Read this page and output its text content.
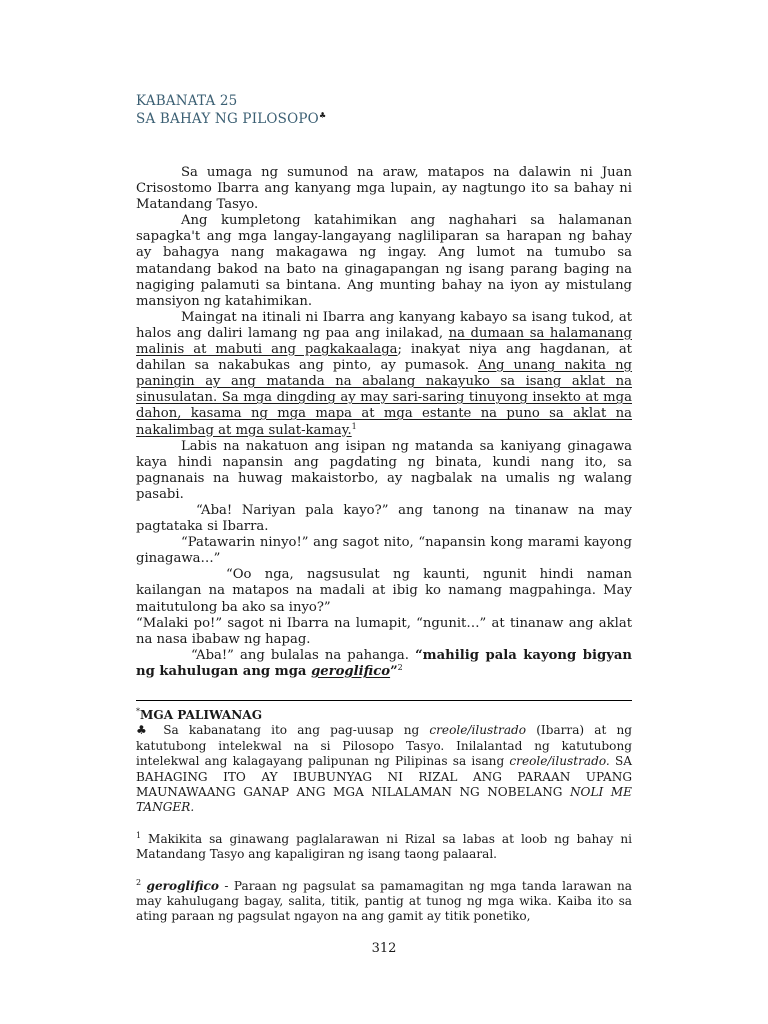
KABANATA 25
SA BAHAY NG PILOSOPO♣

Sa umaga ng sumunod na araw, matapos na dalawin ni Juan Crisostomo Ibarra ang kanyang mga lupain, ay nagtungo ito sa bahay ni Matandang Tasyo.

Ang kumpletong katahimikan ang naghahari sa halamanan sapagka't ang mga langay-langayang nagliliparan sa harapan ng bahay ay bahagya nang makagawa ng ingay. Ang lumot na tumubo sa matandang bakod na bato na ginagapangan ng isang parang baging na nagiging palamuti sa bintana. Ang munting bahay na iyon ay mistulang mansiyon ng katahimikan.

Maingat na itinali ni Ibarra ang kanyang kabayo sa isang tukod, at halos ang daliri lamang ng paa ang inilakad, na dumaan sa halamanang malinis at mabuti ang pagkakaalaga; inakyat niya ang hagdanan, at dahilan sa nakabukas ang pinto, ay pumasok. Ang unang nakita ng paningin ay ang matanda na abalang nakayuko sa isang aklat na sinusulatan. Sa mga dingding ay may sari-saring tinuyong insekto at mga dahon, kasama ng mga mapa at mga estante na puno sa aklat na nakalimbag at mga sulat-kamay.$^1$

Labis na nakatuon ang isipan ng matanda sa kaniyang ginagawa kaya hindi napansin ang pagdating ng binata, kundi nang ito, sa pagnanais na huwag makaistorbo, ay nagbalak na umalis ng walang pasabi.

“Aba! Nariyan pala kayo?” ang tanong na tinanaw na may pagtataka si Ibarra.

“Patawarin ninyo!” ang sagot nito, “napansin kong marami kayong ginagawa…”

“Oo nga, nagsusulat ng kaunti, ngunit hindi naman kailangan na matapos na madali at ibig ko namang magpahinga. May maitutulong ba ako sa inyo?”

“Malaki po!” sagot ni Ibarra na lumapit, “ngunit…” at tinanaw ang aklat na nasa ibabaw ng hapag.

“Aba!” ang bulalas na pahanga. “mahilig pala kayong bigyan ng kahulugan ang mga geroglifico”$^2$

*MGA PALIWANAG

♣ Sa kabanatang ito ang pag-uusap ng creole/ilustrado (Ibarra) at ng katutubong intelekwal na si Pilosopo Tasyo. Inilalantad ng katutubong intelekwal ang kalagayang palipunan ng Pilipinas sa isang creole/ilustrado. SA BAHAGING ITO AY IBUBUNYAG NI RIZAL ANG PARAAN UPANG MAUNAWAANG GANAP ANG MGA NILALAMAN NG NOBELANG NOLI ME TANGER.

$^1$ Makikita sa ginawang paglalarawan ni Rizal sa labas at loob ng bahay ni Matandang Tasyo ang kapaligiran ng isang taong palaaral.

$^2$ geroglifico - Paraan ng pagsulat sa pamamagitan ng mga tanda larawan na may kahulugang bagay, salita, titik, pantig at tunog ng mga wika. Kaiba ito sa ating paraan ng pagsulat ngayon na ang gamit ay titik ponetiko,

312
